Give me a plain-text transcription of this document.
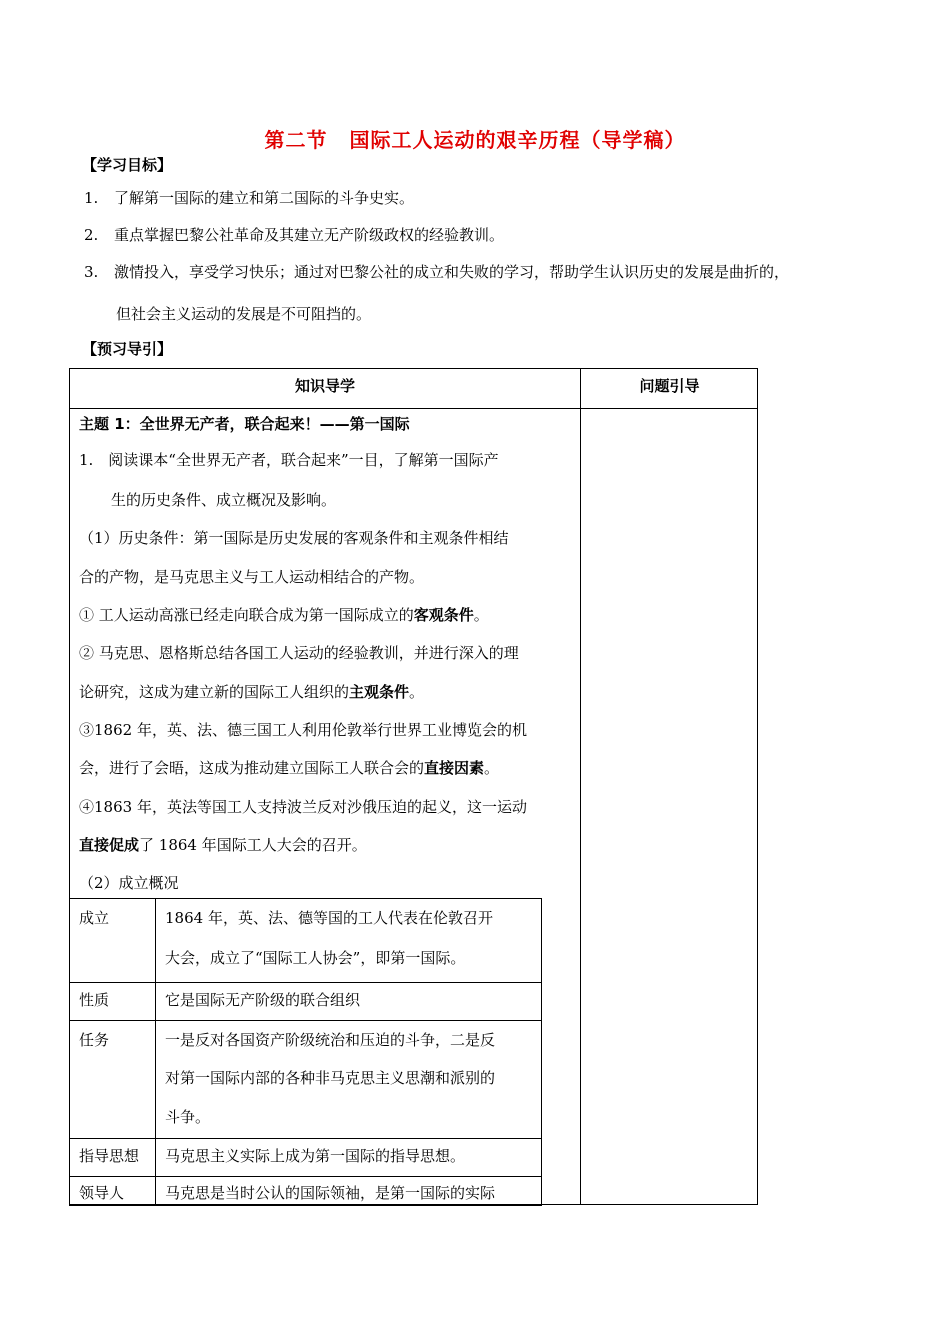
第二节 国际工人运动的艰辛历程（导学稿）
【学习目标】
1. 了解第一国际的建立和第二国际的斗争史实。
2. 重点掌握巴黎公社革命及其建立无产阶级政权的经验教训。
3. 激情投入，享受学习快乐；通过对巴黎公社的成立和失败的学习，帮助学生认识历史的发展是曲折的，
但社会主义运动的发展是不可阻挡的。
【预习导引】
知识导学	问题引导
主题 1：全世界无产者，联合起来！——第一国际
1.　阅读课本“全世界无产者，联合起来”一目，了解第一国际产
生的历史条件、成立概况及影响。
（1）历史条件：第一国际是历史发展的客观条件和主观条件相结
合的产物，是马克思主义与工人运动相结合的产物。
① 工人运动高涨已经走向联合成为第一国际成立的客观条件。
② 马克思、恩格斯总结各国工人运动的经验教训，并进行深入的理
论研究，这成为建立新的国际工人组织的主观条件。
③1862 年，英、法、德三国工人利用伦敦举行世界工业博览会的机
会，进行了会晤，这成为推动建立国际工人联合会的直接因素。
④1863 年，英法等国工人支持波兰反对沙俄压迫的起义，这一运动
直接促成了 1864 年国际工人大会的召开。
（2）成立概况
成立	1864 年，英、法、德等国的工人代表在伦敦召开
大会，成立了“国际工人协会”，即第一国际。
性质	它是国际无产阶级的联合组织
任务	一是反对各国资产阶级统治和压迫的斗争，二是反
对第一国际内部的各种非马克思主义思潮和派别的
斗争。
指导思想 马克思主义实际上成为第一国际的指导思想。
领导人	马克思是当时公认的国际领袖，是第一国际的实际
